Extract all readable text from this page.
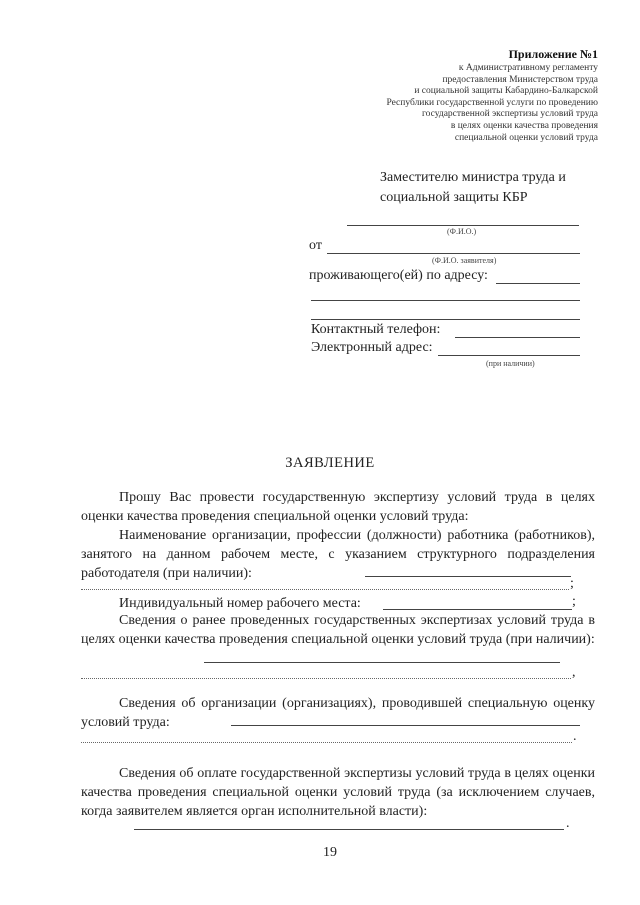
Приложение №1
к Административному регламенту
предоставления Министерством труда
и социальной защиты Кабардино-Балкарской
Республики государственной услуги по проведению
государственной экспертизы условий труда
в целях оценки качества проведения
специальной оценки условий труда
Заместителю министра труда и
социальной защиты КБР
(Ф.И.О.)
от
(Ф.И.О. заявителя)
проживающего(ей) по адресу:
Контактный телефон:
Электронный адрес:
(при наличии)
ЗАЯВЛЕНИЕ
Прошу Вас провести государственную экспертизу условий труда в целях оценки качества проведения специальной оценки условий труда:
Наименование организации, профессии (должности) работника (работников), занятого на данном рабочем месте, с указанием структурного подразделения работодателя (при наличии):
;
Индивидуальный номер рабочего места:	;
Сведения о ранее проведенных государственных экспертизах условий труда в целях оценки качества проведения специальной оценки условий труда (при наличии):
,
Сведения об организации (организациях), проводившей специальную оценку условий труда:
.
Сведения об оплате государственной экспертизы условий труда в целях оценки качества проведения специальной оценки условий труда (за исключением случаев, когда заявителем является орган исполнительной власти):
.
19
